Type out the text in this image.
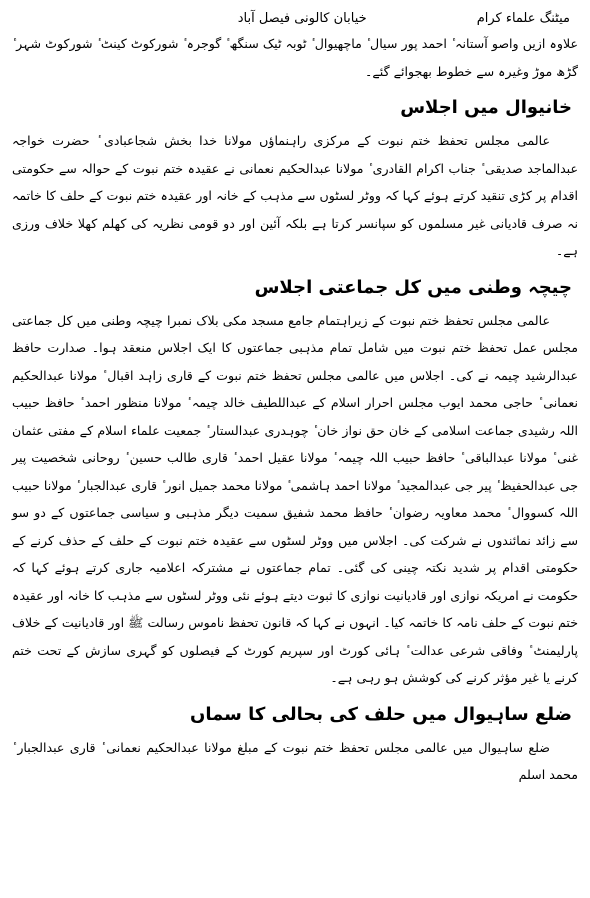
میٹنگ علماء کرام
خیابان کالونی فیصل آباد

علاوہ ازیں واصو آستانہ ٔ احمد پور سیال ٔ ماچھیوال ٔ ٹوبہ ٹیک سنگھ ٔ گوجرہ ٔ شورکوٹ کینٹ ٔ شورکوٹ شہر ٔ گڑھ موڑ وغیرہ سے خطوط بھجوائے گئے۔

خانیوال میں اجلاس

عالمی مجلس تحفظ ختم نبوت کے مرکزی راہنماؤں مولانا خدا بخش شجاعبادی ٔ حضرت خواجہ عبدالماجد صدیقی ٔ جناب اکرام القادری ٔ مولانا عبدالحکیم نعمانی نے عقیدہ ختم نبوت کے حوالہ سے حکومتی اقدام پر کڑی تنقید کرتے ہوئے کہا کہ ووٹر لسٹوں سے مذہب کے خانہ اور عقیدہ ختم نبوت کے حلف کا خاتمہ نہ صرف قادیانی غیر مسلموں کو سپانسر کرتا ہے بلکہ آئین اور دو قومی نظریہ کی کھلم کھلا خلاف ورزی ہے۔

چیچہ وطنی میں کل جماعتی اجلاس

عالمی مجلس تحفظ ختم نبوت کے زیراہتمام جامع مسجد مکی بلاک نمبرا چیچہ وطنی میں کل جماعتی مجلس عمل تحفظ ختم نبوت میں شامل تمام مذہبی جماعتوں کا ایک اجلاس منعقد ہوا۔ صدارت حافظ عبدالرشید چیمہ نے کی۔ اجلاس میں عالمی مجلس تحفظ ختم نبوت کے قاری زاہد اقبال ٔ مولانا عبدالحکیم نعمانی ٔ حاجی محمد ایوب مجلس احرار اسلام کے عبداللطیف خالد چیمہ ٔ مولانا منظور احمد ٔ حافظ حبیب اللہ رشیدی جماعت اسلامی کے خان حق نواز خان ٔ چوہدری عبدالستار ٔ جمعیت علماء اسلام کے مفتی عثمان غنی ٔ مولانا عبدالباقی ٔ حافظ حبیب اللہ چیمہ ٔ مولانا عقیل احمد ٔ قاری طالب حسین ٔ روحانی شخصیت پیر جی عبدالحفیظ ٔ پیر جی عبدالمجید ٔ مولانا احمد ہاشمی ٔ مولانا محمد جمیل انور ٔ قاری عبدالجبار ٔ مولانا حبیب اللہ کسووال ٔ محمد معاویہ رضوان ٔ حافظ محمد شفیق سمیت دیگر مذہبی و سیاسی جماعتوں کے دو سو سے زائد نمائندوں نے شرکت کی۔ اجلاس میں ووٹر لسٹوں سے عقیدہ ختم نبوت کے حلف کے حذف کرنے کے حکومتی اقدام پر شدید نکتہ چینی کی گئی۔ تمام جماعتوں نے مشترکہ اعلامیہ جاری کرتے ہوئے کہا کہ حکومت نے امریکہ نوازی اور قادیانیت نوازی کا ثبوت دیتے ہوئے نئی ووٹر لسٹوں سے مذہب کا خانہ اور عقیدہ ختم نبوت کے حلف نامہ کا خاتمہ کیا۔ انہوں نے کہا کہ قانون تحفظ ناموس رسالت ﷺ اور قادیانیت کے خلاف پارلیمنٹ ٔ وفاقی شرعی عدالت ٔ ہائی کورٹ اور سپریم کورٹ کے فیصلوں کو گہری سازش کے تحت ختم کرنے یا غیر مؤثر کرنے کی کوشش ہو رہی ہے۔

ضلع ساہیوال میں حلف کی بحالی کا سماں

ضلع ساہیوال میں عالمی مجلس تحفظ ختم نبوت کے مبلغ مولانا عبدالحکیم نعمانی ٔ قاری عبدالجبار ٔ محمد اسلم
